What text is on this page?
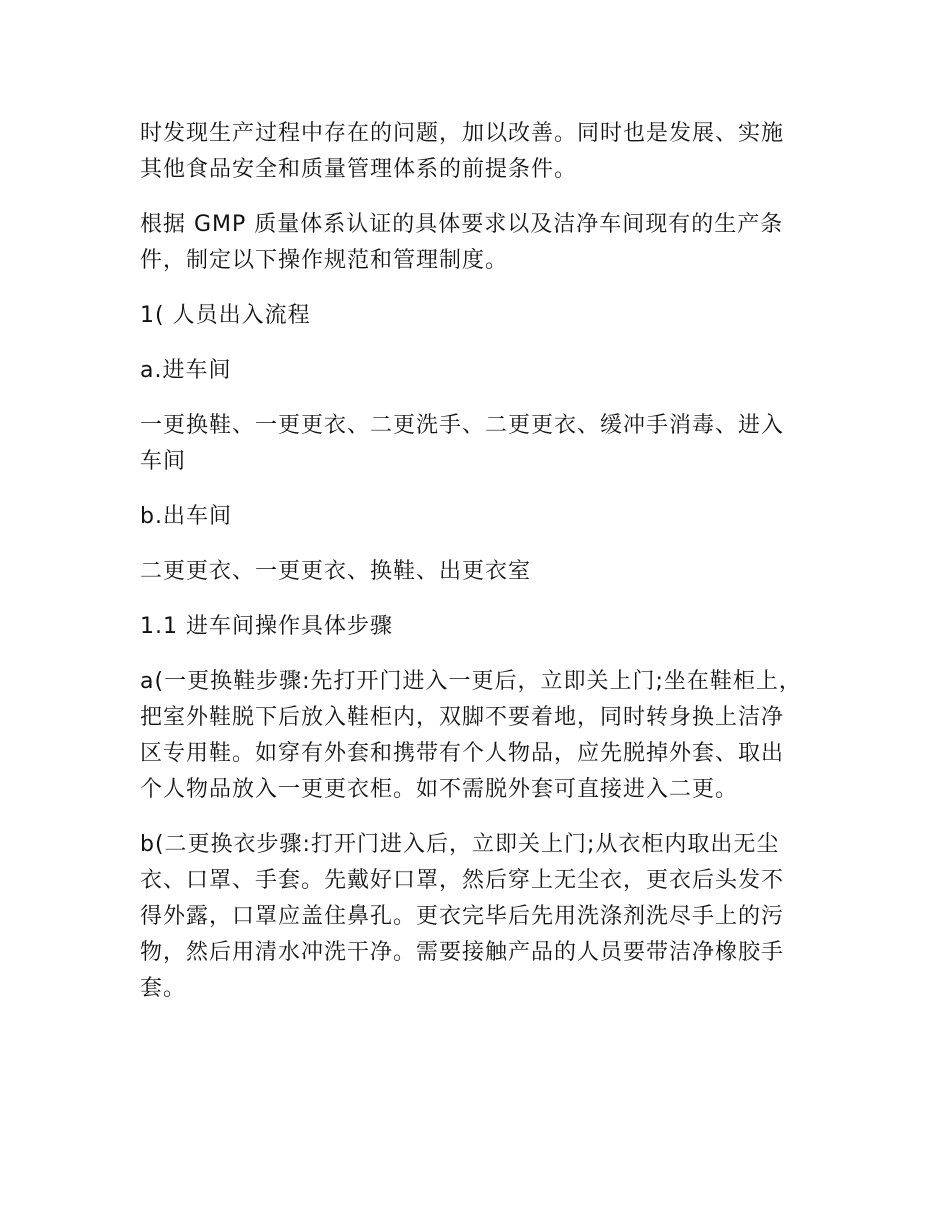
时发现生产过程中存在的问题，加以改善。同时也是发展、实施其他食品安全和质量管理体系的前提条件。

根据 GMP 质量体系认证的具体要求以及洁净车间现有的生产条件，制定以下操作规范和管理制度。

1( 人员出入流程

a.进车间

一更换鞋、一更更衣、二更洗手、二更更衣、缓冲手消毒、进入车间

b.出车间

二更更衣、一更更衣、换鞋、出更衣室

1.1 进车间操作具体步骤

a(一更换鞋步骤:先打开门进入一更后，立即关上门;坐在鞋柜上，把室外鞋脱下后放入鞋柜内，双脚不要着地，同时转身换上洁净区专用鞋。如穿有外套和携带有个人物品，应先脱掉外套、取出个人物品放入一更更衣柜。如不需脱外套可直接进入二更。

b(二更换衣步骤:打开门进入后，立即关上门;从衣柜内取出无尘衣、口罩、手套。先戴好口罩，然后穿上无尘衣，更衣后头发不得外露，口罩应盖住鼻孔。更衣完毕后先用洗涤剂洗尽手上的污物，然后用清水冲洗干净。需要接触产品的人员要带洁净橡胶手套。
